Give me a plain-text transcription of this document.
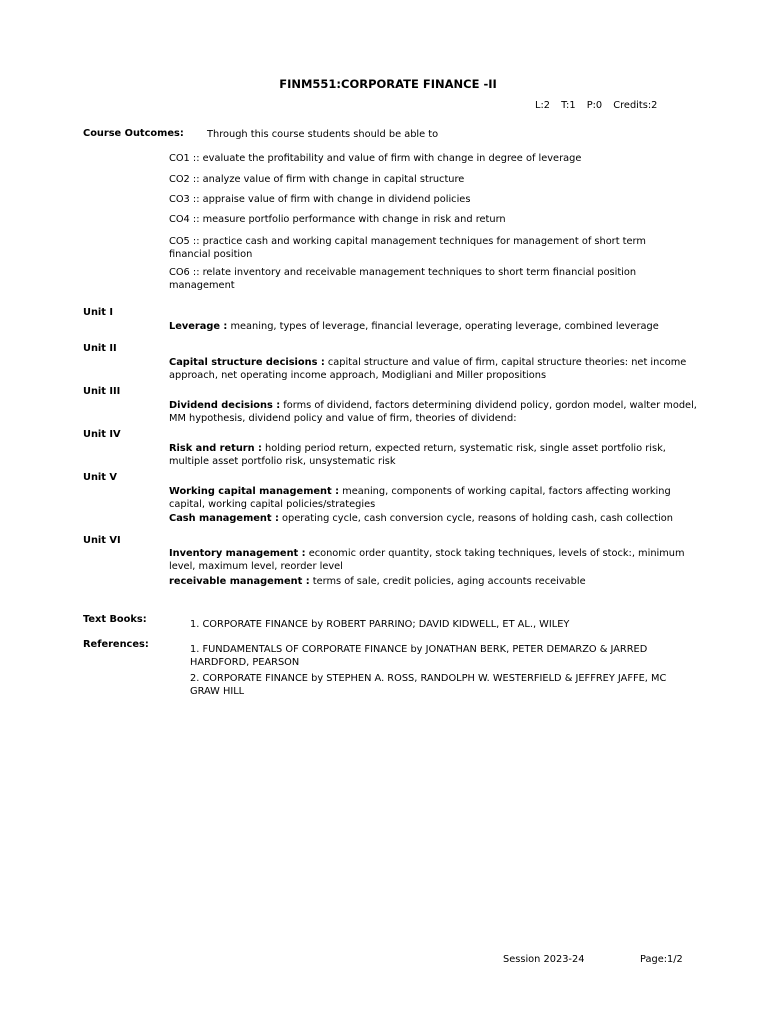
FINM551:CORPORATE FINANCE -II
L:2 T:1 P:0 Credits:2
Course Outcomes: Through this course students should be able to
CO1 :: evaluate the profitability and value of firm with change in degree of leverage
CO2 :: analyze value of firm with change in capital structure
CO3 :: appraise value of firm with change in dividend policies
CO4 :: measure portfolio performance with change in risk and return
CO5 :: practice cash and working capital management techniques for management of short term financial position
CO6 :: relate inventory and receivable management techniques to short term financial position management
Unit I
Leverage : meaning, types of leverage, financial leverage, operating leverage, combined leverage
Unit II
Capital structure decisions : capital structure and value of firm, capital structure theories: net income approach, net operating income approach, Modigliani and Miller propositions
Unit III
Dividend decisions : forms of dividend, factors determining dividend policy, gordon model, walter model, MM hypothesis, dividend policy and value of firm, theories of dividend:
Unit IV
Risk and return : holding period return, expected return, systematic risk, single asset portfolio risk, multiple asset portfolio risk, unsystematic risk
Unit V
Working capital management : meaning, components of working capital, factors affecting working capital, working capital policies/strategies
Cash management : operating cycle, cash conversion cycle, reasons of holding cash, cash collection
Unit VI
Inventory management : economic order quantity, stock taking techniques, levels of stock:, minimum level, maximum level, reorder level
receivable management : terms of sale, credit policies, aging accounts receivable
Text Books:	1. CORPORATE FINANCE by ROBERT PARRINO; DAVID KIDWELL, ET AL., WILEY
References:	1. FUNDAMENTALS OF CORPORATE FINANCE by JONATHAN BERK, PETER DEMARZO & JARRED HARDFORD, PEARSON
2. CORPORATE FINANCE by STEPHEN A. ROSS, RANDOLPH W. WESTERFIELD & JEFFREY JAFFE, MC GRAW HILL
Session 2023-24	Page:1/2
